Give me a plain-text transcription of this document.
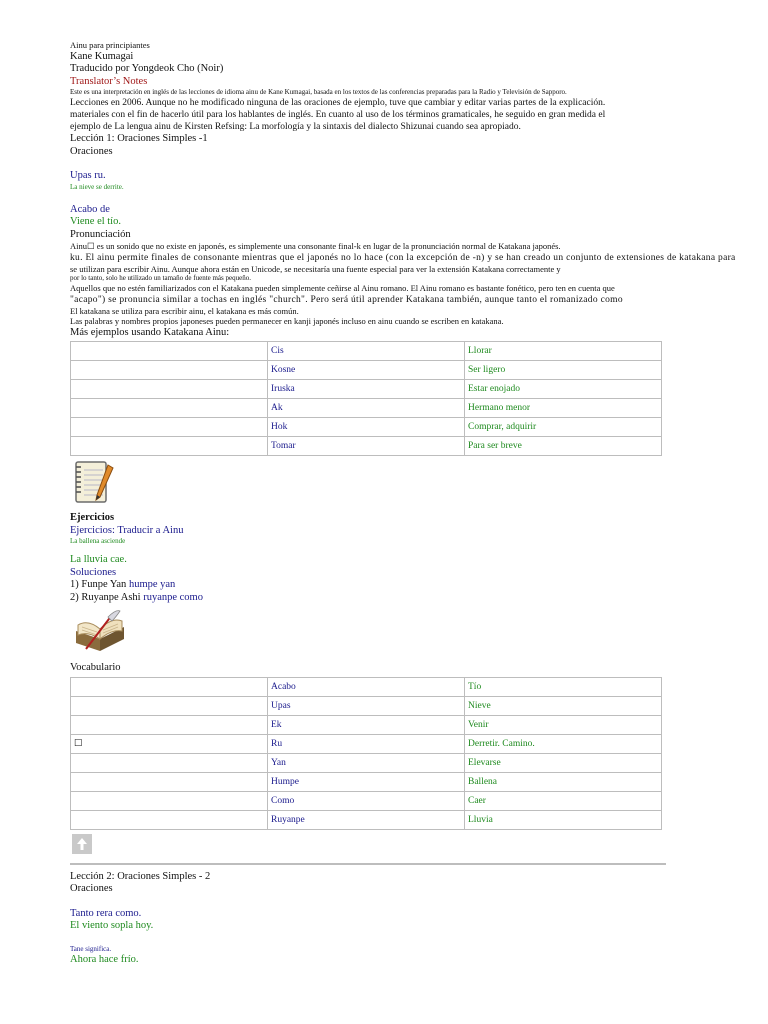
Ainu para principiantes
Kane Kumagai
Traducido por Yongdeok Cho (Noir)
Translator’s Notes
Este es una interpretación en inglés de las lecciones de idioma ainu de Kane Kumagai, basada en los textos de las conferencias preparadas para la Radio y Televisión de Sapporo.
Lecciones en 2006. Aunque no he modificado ninguna de las oraciones de ejemplo, tuve que cambiar y editar varias partes de la explicación.
materiales con el fin de hacerlo útil para los hablantes de inglés. En cuanto al uso de los términos gramaticales, he seguido en gran medida el
ejemplo de La lengua ainu de Kirsten Refsing: La morfología y la sintaxis del dialecto Shizunai cuando sea apropiado.
Lección 1: Oraciones Simples -1
Oraciones
Upas ru.
La nieve se derrite.
Acabo de
Viene el tío.
Pronunciación
Ainu☐ es un sonido que no existe en japonés, es simplemente una consonante final-k en lugar de la pronunciación normal de Katakana japonés.
ku. El ainu permite finales de consonante mientras que el japonés no lo hace (con la excepción de -n) y se han creado un conjunto de extensiones de katakana para
se utilizan para escribir Ainu. Aunque ahora están en Unicode, se necesitaría una fuente especial para ver la extensión Katakana correctamente y
por lo tanto, solo he utilizado un tamaño de fuente más pequeño.
Aquellos que no estén familiarizados con el Katakana pueden simplemente ceñirse al Ainu romano. El Ainu romano es bastante fonético, pero ten en cuenta que
"acapo") se pronuncia similar a tochas en inglés "church". Pero será útil aprender Katakana también, aunque tanto el romanizado como
El katakana se utiliza para escribir ainu, el katakana es más común.
Las palabras y nombres propios japoneses pueden permanecer en kanji japonés incluso en ainu cuando se escriben en katakana.
Más ejemplos usando Katakana Ainu:
	Cis	Llorar
	Kosne	Ser ligero
	Iruska	Estar enojado
	Ak	Hermano menor
	Hok	Comprar, adquirir
	Tomar	Para ser breve
Ejercicios
Ejercicios: Traducir a Ainu
La ballena asciende
La lluvia cae.
Soluciones
1) Funpe Yan humpe yan
2) Ruyanpe Ashi ruyanpe como
Vocabulario
	Acabo	Tío
	Upas	Nieve
	Ek	Venir
☐	Ru	Derretir. Camino.
	Yan	Elevarse
	Humpe	Ballena
	Como	Caer
	Ruyanpe	Lluvia
Lección 2: Oraciones Simples - 2
Oraciones
Tanto rera como.
El viento sopla hoy.
Tane significa.
Ahora hace frío.
